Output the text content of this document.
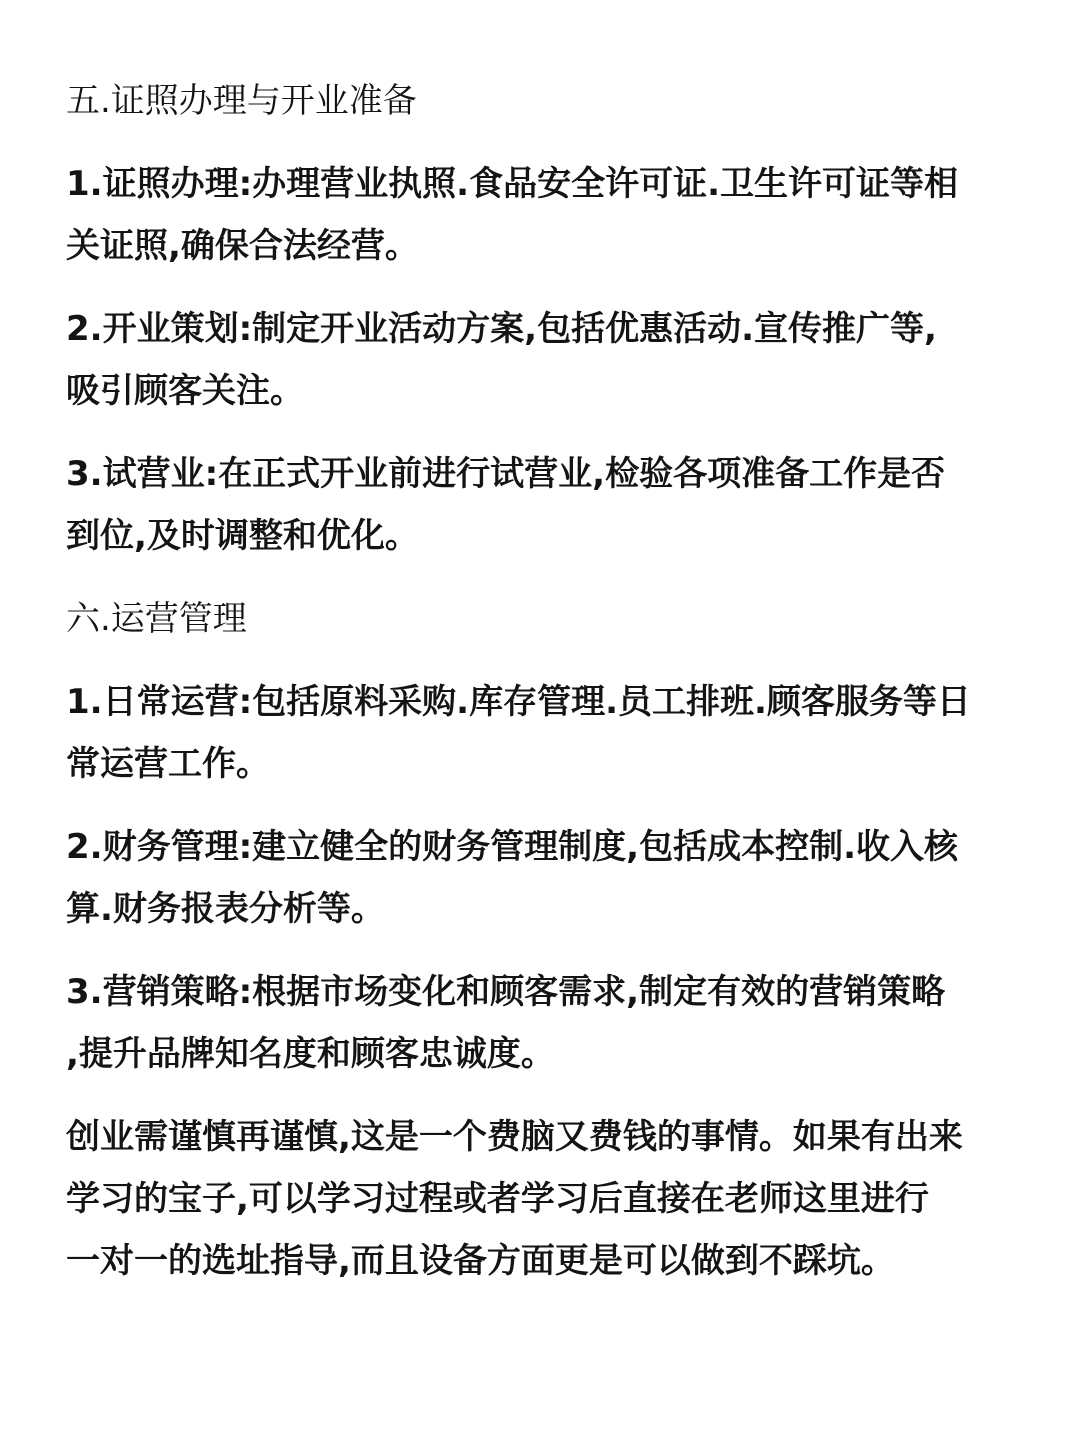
五.证照办理与开业准备
1.证照办理:办理营业执照.食品安全许可证.卫生许可证等相
关证照,确保合法经营。
2.开业策划:制定开业活动方案,包括优惠活动.宣传推广等,
吸引顾客关注。
3.试营业:在正式开业前进行试营业,检验各项准备工作是否
到位,及时调整和优化。
六.运营管理
1.日常运营:包括原料采购.库存管理.员工排班.顾客服务等日
常运营工作。
2.财务管理:建立健全的财务管理制度,包括成本控制.收入核
算.财务报表分析等。
3.营销策略:根据市场变化和顾客需求,制定有效的营销策略
,提升品牌知名度和顾客忠诚度。
创业需谨慎再谨慎,这是一个费脑又费钱的事情。如果有出来
学习的宝子,可以学习过程或者学习后直接在老师这里进行
一对一的选址指导,而且设备方面更是可以做到不踩坑。
